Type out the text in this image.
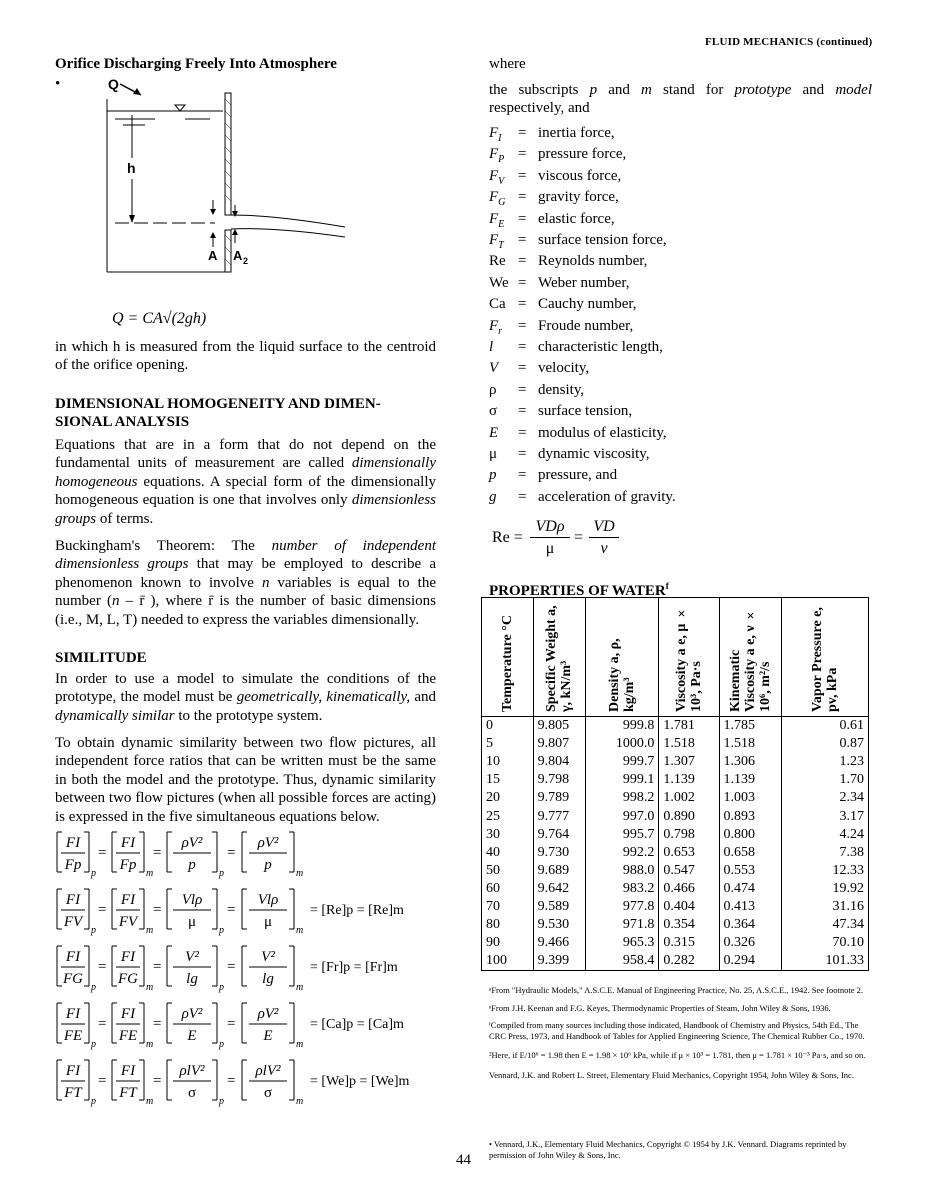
FLUID MECHANICS (continued)
Orifice Discharging Freely Into Atmosphere
•	Q
h
A A 2
Q = CA√(2gh)
in which h is measured from the liquid surface to the centroid of the orifice opening.
DIMENSIONAL HOMOGENEITY AND DIMEN-
SIONAL ANALYSIS
Equations that are in a form that do not depend on the fundamental units of measurement are called dimensionally homogeneous equations. A special form of the dimensionally homogeneous equation is one that involves only dimensionless groups of terms.
Buckingham's Theorem: The number of independent dimensionless groups that may be employed to describe a phenomenon known to involve n variables is equal to the number (n – r̄ ), where r̄ is the number of basic dimensions (i.e., M, L, T) needed to express the variables dimensionally.
SIMILITUDE
In order to use a model to simulate the conditions of the prototype, the model must be geometrically, kinematically, and dynamically similar to the prototype system.
To obtain dynamic similarity between two flow pictures, all independent force ratios that can be written must be the same in both the model and the prototype. Thus, dynamic similarity between two flow pictures (when all possible forces are acting) is expressed in the five simultaneous equations below.
p
FI
Fp
=
m
FI
Fp
=
p
ρV²
p
=
m
ρV²
p
p
FI
FV
=
m
FI
FV
=
p
Vlρ
μ
=
m
Vlρ
μ
= [Re]p = [Re]m
p
FI
FG
=
m
FI
FG
=
p
V²
lg
=
m
V²
lg
= [Fr]p = [Fr]m
p
FI
FE
=
m
FI
FE
=
p
ρV²
E
=
m
ρV²
E
= [Ca]p = [Ca]m
p
FI
FT
=
m
FI
FT
=
p
ρlV²
σ
=
m
ρlV²
σ
= [We]p = [We]m
where
the subscripts p and m stand for prototype and model respectively, and
$F_I$	= inertia force,
$F_P$ = pressure force,
$F_V$ = viscous force,
$F_G$ = gravity force,
$F_E$ = elastic force,
$F_T$ = surface tension force,
Re = Reynolds number,
We = Weber number,
Ca = Cauchy number,
$F_r$	= Froude number,
l	= characteristic length,
V	= velocity,
ρ	= density,
σ	= surface tension,
E	= modulus of elasticity,
μ	= dynamic viscosity,
p	= pressure, and
g	= acceleration of gravity.
Re =
VDρ
μ
=
VD
ν
PROPERTIES OF WATER$^f$
Temperature °C	Specific Weight a, γ, kN/m³	Density a, ρ, kg/m³	Viscosity a e, μ × 10³, Pa·s	Kinematic Viscosity a e, ν × 10⁶, m²/s	Vapor Pressure e, pv, kPa

0	9.805	999.8	1.781	1.785	0.61
5	9.807	1000.0	1.518	1.518	0.87
10	9.804	999.7	1.307	1.306	1.23
15	9.798	999.1	1.139	1.139	1.70
20	9.789	998.2	1.002	1.003	2.34
25	9.777	997.0	0.890	0.893	3.17
30	9.764	995.7	0.798	0.800	4.24
40	9.730	992.2	0.653	0.658	7.38
50	9.689	988.0	0.547	0.553	12.33
60	9.642	983.2	0.466	0.474	19.92
70	9.589	977.8	0.404	0.413	31.16
80	9.530	971.8	0.354	0.364	47.34
90	9.466	965.3	0.315	0.326	70.10
100	9.399	958.4	0.282	0.294	101.33
ᵃFrom "Hydraulic Models," A.S.C.E. Manual of Engineering Practice, No. 25, A.S.C.E., 1942. See footnote 2.
ᵉFrom J.H. Keenan and F.G. Keyes, Thermodynamic Properties of Steam, John Wiley & Sons, 1936.
ᶠCompiled from many sources including those indicated, Handbook of Chemistry and Physics, 54th Ed., The CRC Press, 1973, and Handbook of Tables for Applied Engineering Science, The Chemical Rubber Co., 1970.
²Here, if E/10⁶ = 1.98 then E = 1.98 × 10⁶ kPa, while if μ × 10³ = 1.781, then μ = 1.781 × 10⁻³ Pa·s, and so on.
Vennard, J.K. and Robert L. Street, Elementary Fluid Mechanics, Copyright 1954, John Wiley & Sons, Inc.
• Vennard, J.K., Elementary Fluid Mechanics, Copyright © 1954 by J.K. Vennard. Diagrams reprinted by permission of John Wiley & Sons, Inc.
44
